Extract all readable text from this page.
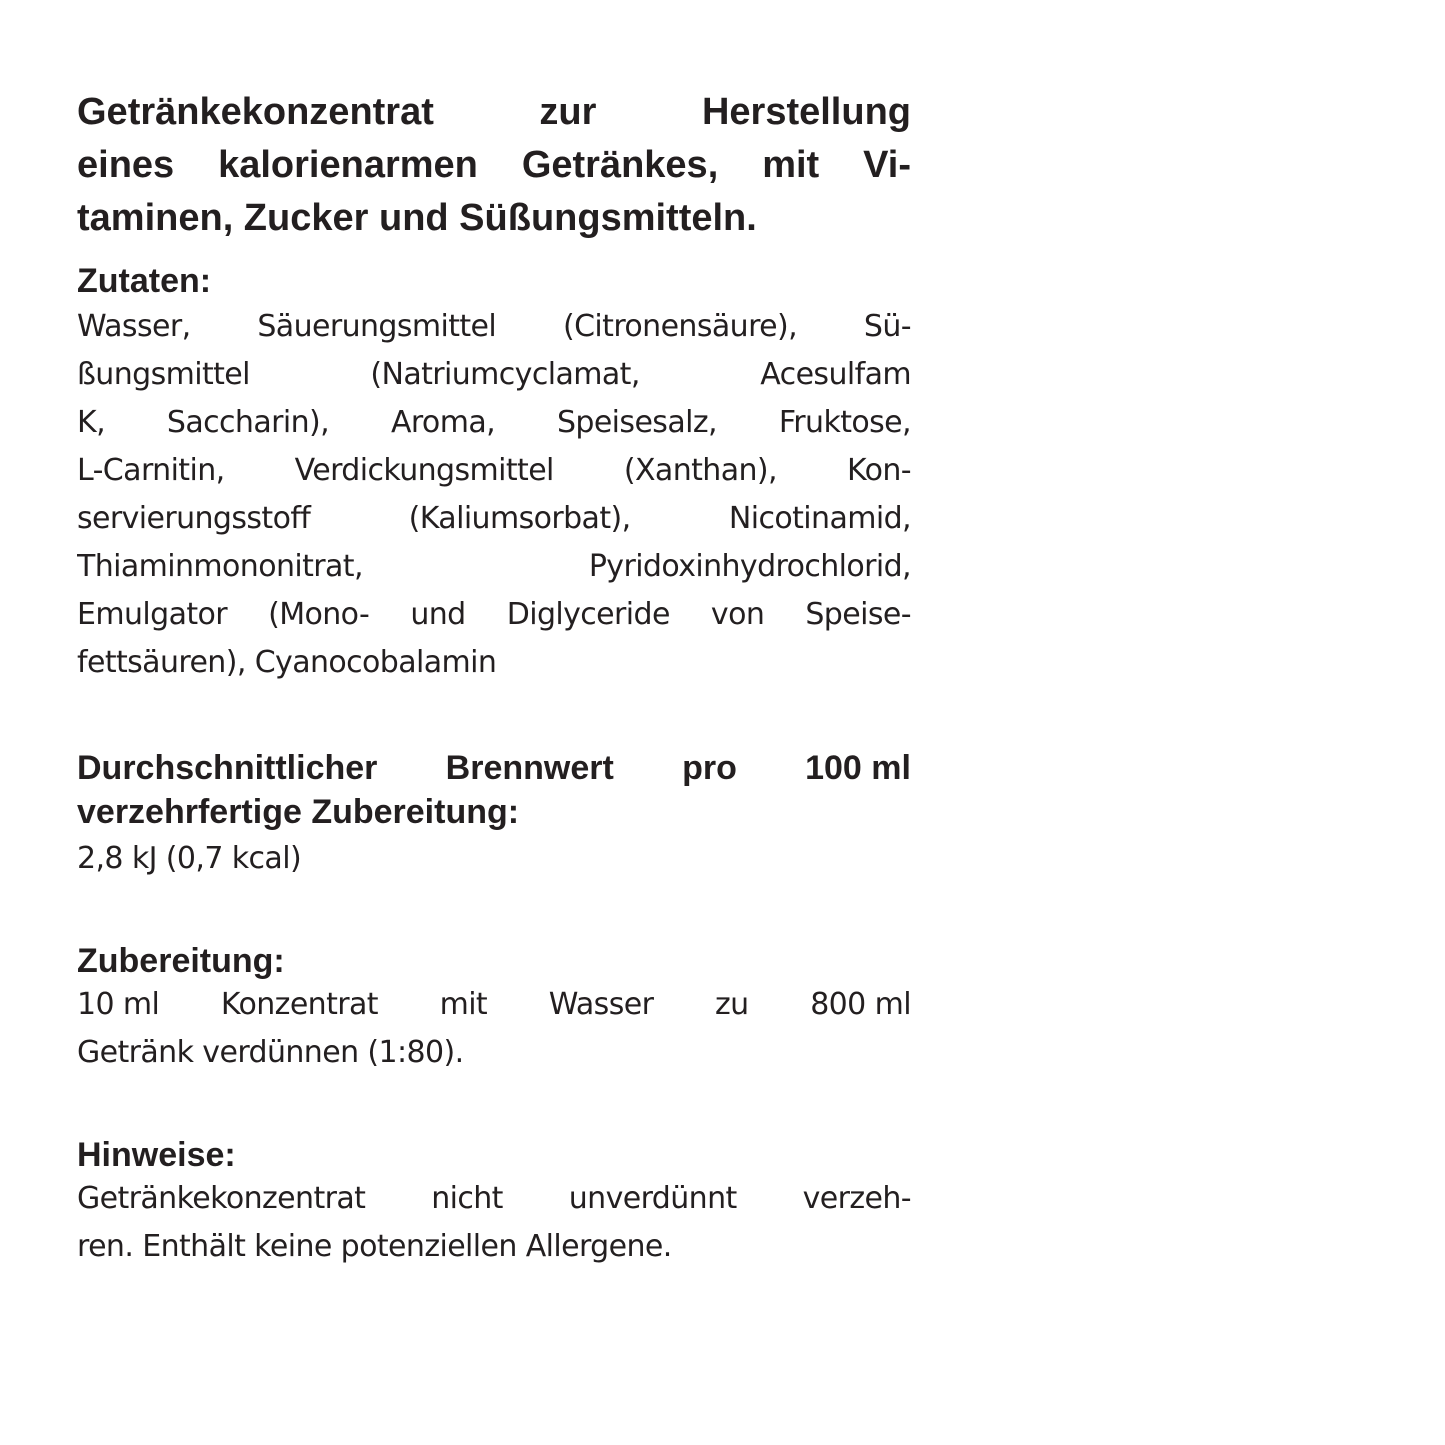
Getränkekonzentrat	zur	Herstellung
eines kalorienarmen Getränkes, mit Vi-
taminen, Zucker und Süßungsmitteln.
Zutaten:
Wasser, Säuerungsmittel (Citronensäure), Sü-
ßungsmittel	(Natriumcyclamat,	Acesulfam
K, Saccharin), Aroma, Speisesalz, Fruktose,
L-Carnitin, Verdickungsmittel (Xanthan), Kon-
servierungsstoff	(Kaliumsorbat),	Nicotinamid,
Thiaminmononitrat,	Pyridoxinhydrochlorid,
Emulgator (Mono- und Diglyceride von Speise-
fettsäuren), Cyanocobalamin
Durchschnittlicher Brennwert pro 100 ml
verzehrfertige Zubereitung:
2,8 kJ (0,7 kcal)
Zubereitung:
10 ml Konzentrat mit Wasser zu 800 ml
Getränk verdünnen (1:80).
Hinweise:
Getränkekonzentrat nicht unverdünnt verzeh-
ren. Enthält keine potenziellen Allergene.
